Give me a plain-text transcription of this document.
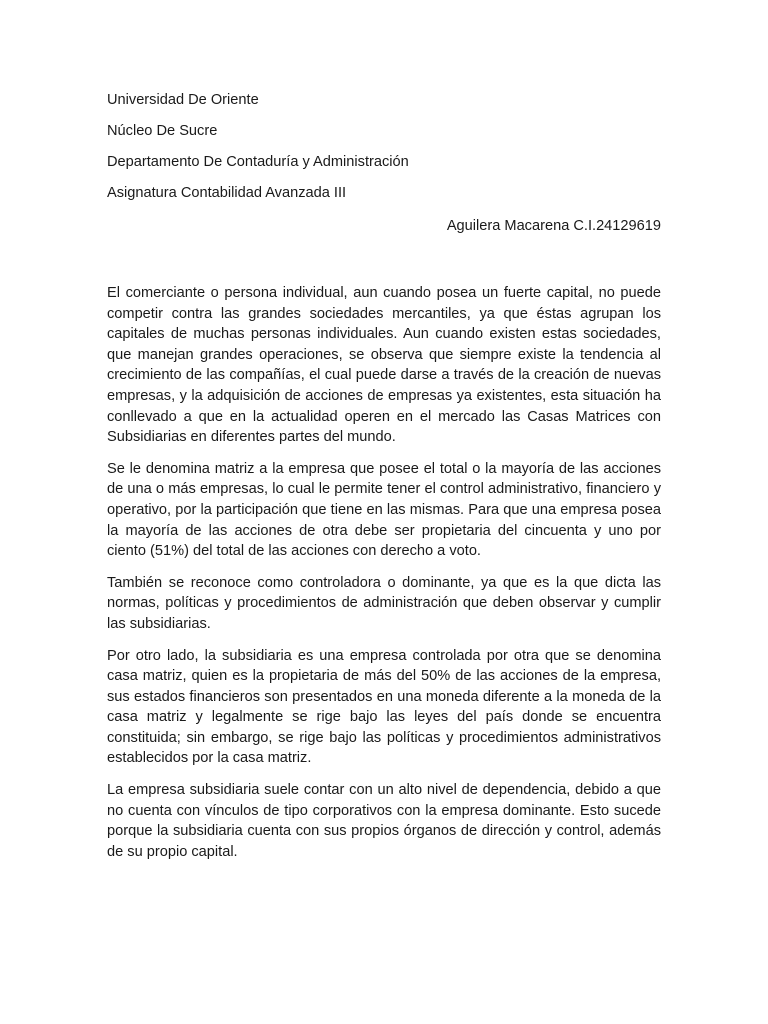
Universidad De Oriente
Núcleo De Sucre
Departamento De Contaduría y Administración
Asignatura Contabilidad Avanzada III
Aguilera Macarena C.I.24129619

El comerciante o persona individual, aun cuando posea un fuerte capital, no puede competir contra las grandes sociedades mercantiles, ya que éstas agrupan los capitales de muchas personas individuales. Aun cuando existen estas sociedades, que manejan grandes operaciones, se observa que siempre existe la tendencia al crecimiento de las compañías, el cual puede darse a través de la creación de nuevas empresas, y la adquisición de acciones de empresas ya existentes, esta situación ha conllevado a que en la actualidad operen en el mercado las Casas Matrices con Subsidiarias en diferentes partes del mundo.

Se le denomina matriz a la empresa que posee el total o la mayoría de las acciones de una o más empresas, lo cual le permite tener el control administrativo, financiero y operativo, por la participación que tiene en las mismas. Para que una empresa posea la mayoría de las acciones de otra debe ser propietaria del cincuenta y uno por ciento (51%) del total de las acciones con derecho a voto.

También se reconoce como controladora o dominante, ya que es la que dicta las normas, políticas y procedimientos de administración que deben observar y cumplir las subsidiarias.

Por otro lado, la subsidiaria es una empresa controlada por otra que se denomina casa matriz, quien es la propietaria de más del 50% de las acciones de la empresa, sus estados financieros son presentados en una moneda diferente a la moneda de la casa matriz y legalmente se rige bajo las leyes del país donde se encuentra constituida; sin embargo, se rige bajo las políticas y procedimientos administrativos establecidos por la casa matriz.

La empresa subsidiaria suele contar con un alto nivel de dependencia, debido a que no cuenta con vínculos de tipo corporativos con la empresa dominante. Esto sucede porque la subsidiaria cuenta con sus propios órganos de dirección y control, además de su propio capital.
